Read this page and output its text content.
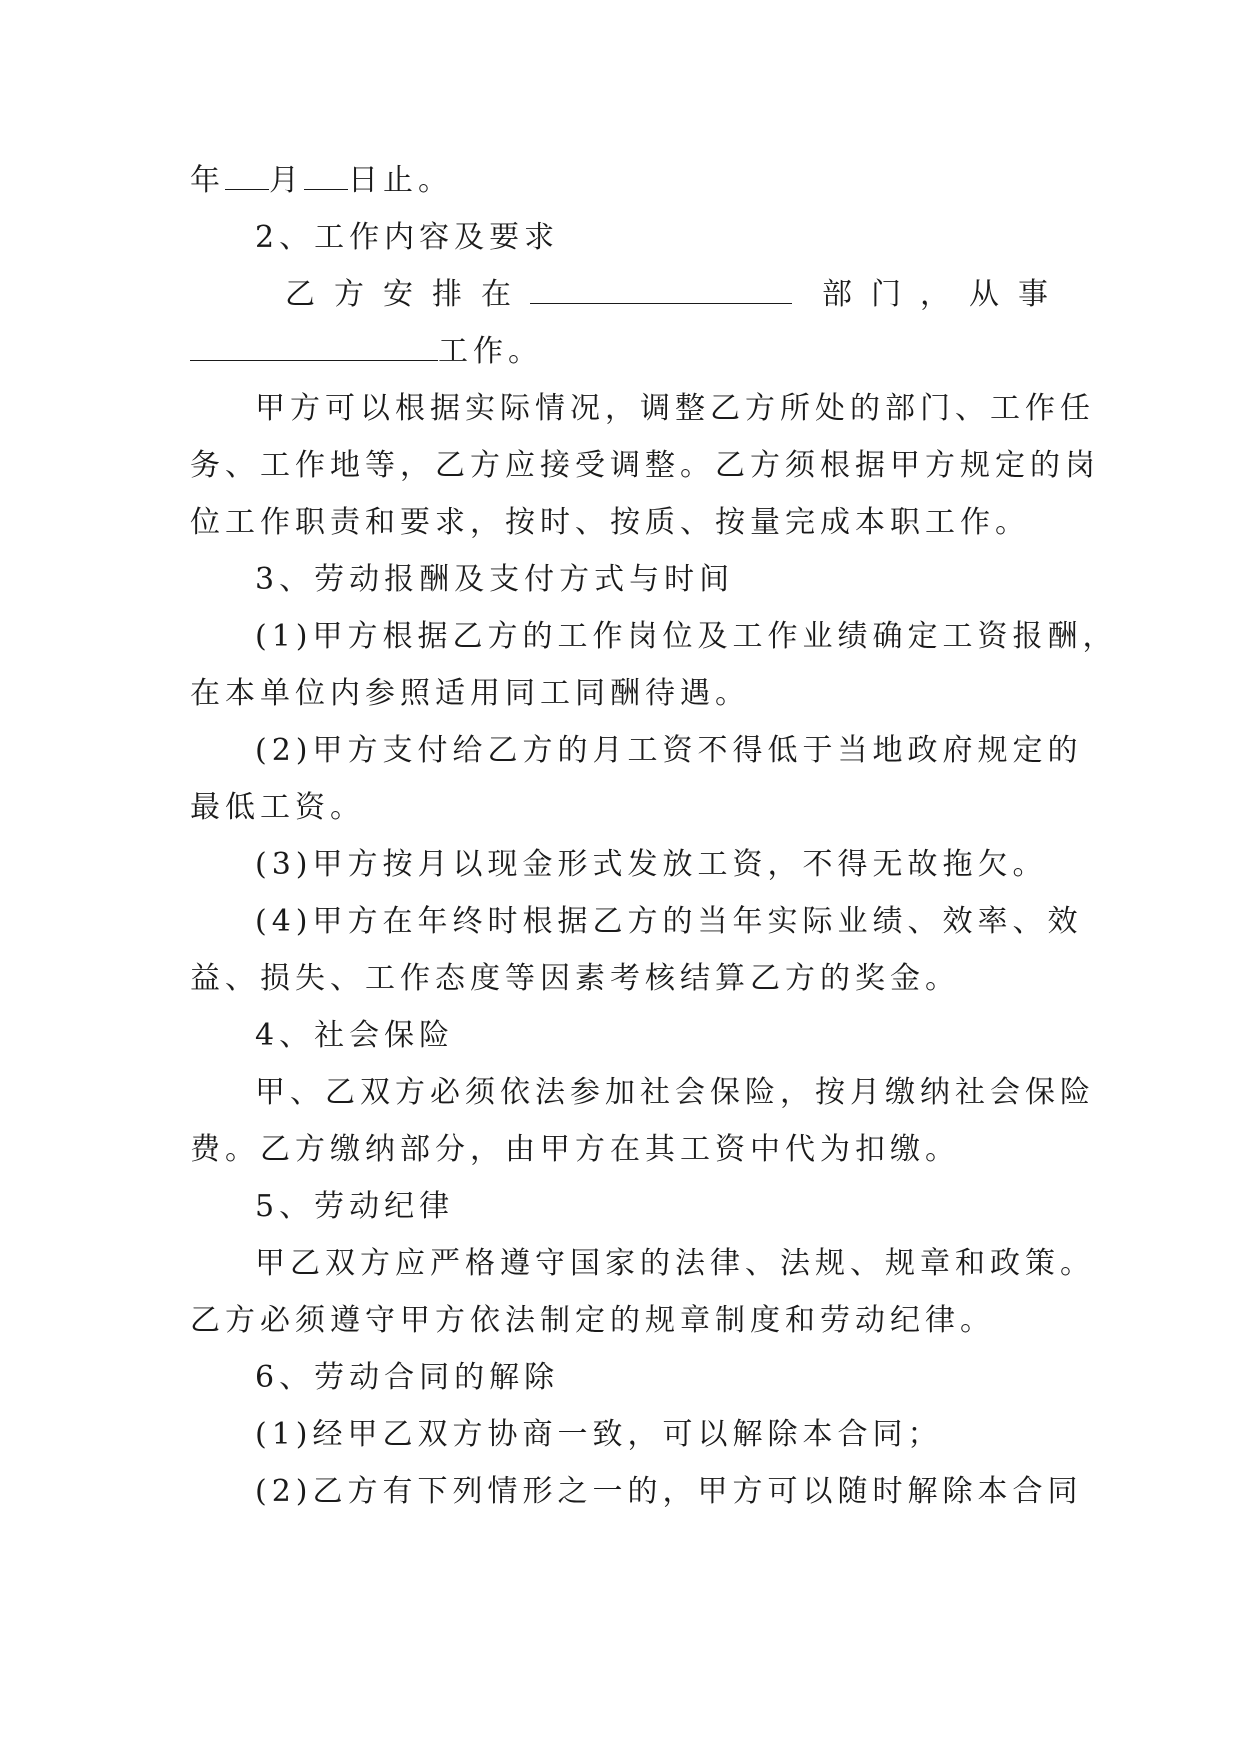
年 月 日止。
2、工作内容及要求
乙方安排在	部门，从事
工作。
甲方可以根据实际情况，调整乙方所处的部门、工作任
务、工作地等，乙方应接受调整。乙方须根据甲方规定的岗
位工作职责和要求，按时、按质、按量完成本职工作。
3、劳动报酬及支付方式与时间
(1)甲方根据乙方的工作岗位及工作业绩确定工资报酬，
在本单位内参照适用同工同酬待遇。
(2)甲方支付给乙方的月工资不得低于当地政府规定的
最低工资。
(3)甲方按月以现金形式发放工资，不得无故拖欠。
(4)甲方在年终时根据乙方的当年实际业绩、效率、效
益、损失、工作态度等因素考核结算乙方的奖金。
4、社会保险
甲、乙双方必须依法参加社会保险，按月缴纳社会保险
费。乙方缴纳部分，由甲方在其工资中代为扣缴。
5、劳动纪律
甲乙双方应严格遵守国家的法律、法规、规章和政策。
乙方必须遵守甲方依法制定的规章制度和劳动纪律。
6、劳动合同的解除
(1)经甲乙双方协商一致，可以解除本合同；
(2)乙方有下列情形之一的，甲方可以随时解除本合同
